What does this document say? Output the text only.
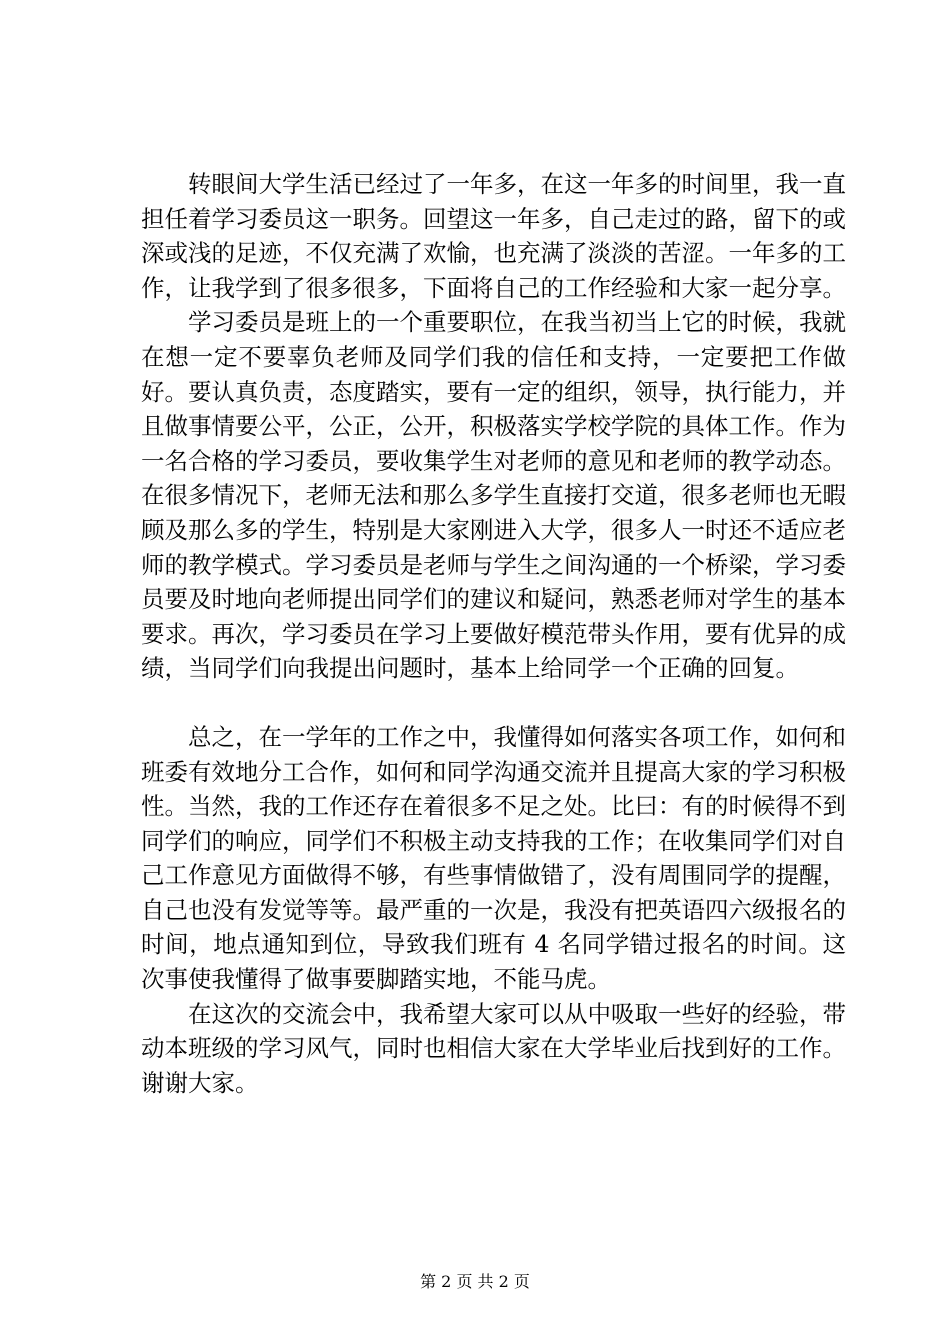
转眼间大学生活已经过了一年多，在这一年多的时间里，我一直担任着学习委员这一职务。回望这一年多，自己走过的路，留下的或深或浅的足迹，不仅充满了欢愉，也充满了淡淡的苦涩。一年多的工作，让我学到了很多很多，下面将自己的工作经验和大家一起分享。

学习委员是班上的一个重要职位，在我当初当上它的时候，我就在想一定不要辜负老师及同学们我的信任和支持，一定要把工作做好。要认真负责，态度踏实，要有一定的组织，领导，执行能力，并且做事情要公平，公正，公开，积极落实学校学院的具体工作。作为一名合格的学习委员，要收集学生对老师的意见和老师的教学动态。在很多情况下，老师无法和那么多学生直接打交道，很多老师也无暇顾及那么多的学生，特别是大家刚进入大学，很多人一时还不适应老师的教学模式。学习委员是老师与学生之间沟通的一个桥梁，学习委员要及时地向老师提出同学们的建议和疑问，熟悉老师对学生的基本要求。再次，学习委员在学习上要做好模范带头作用，要有优异的成绩，当同学们向我提出问题时，基本上给同学一个正确的回复。

总之，在一学年的工作之中，我懂得如何落实各项工作，如何和班委有效地分工合作，如何和同学沟通交流并且提高大家的学习积极性。当然，我的工作还存在着很多不足之处。比曰：有的时候得不到同学们的响应，同学们不积极主动支持我的工作；在收集同学们对自己工作意见方面做得不够，有些事情做错了，没有周围同学的提醒，自己也没有发觉等等。最严重的一次是，我没有把英语四六级报名的时间，地点通知到位，导致我们班有 4 名同学错过报名的时间。这次事使我懂得了做事要脚踏实地，不能马虎。

在这次的交流会中，我希望大家可以从中吸取一些好的经验，带动本班级的学习风气，同时也相信大家在大学毕业后找到好的工作。谢谢大家。

第 2 页 共 2 页
